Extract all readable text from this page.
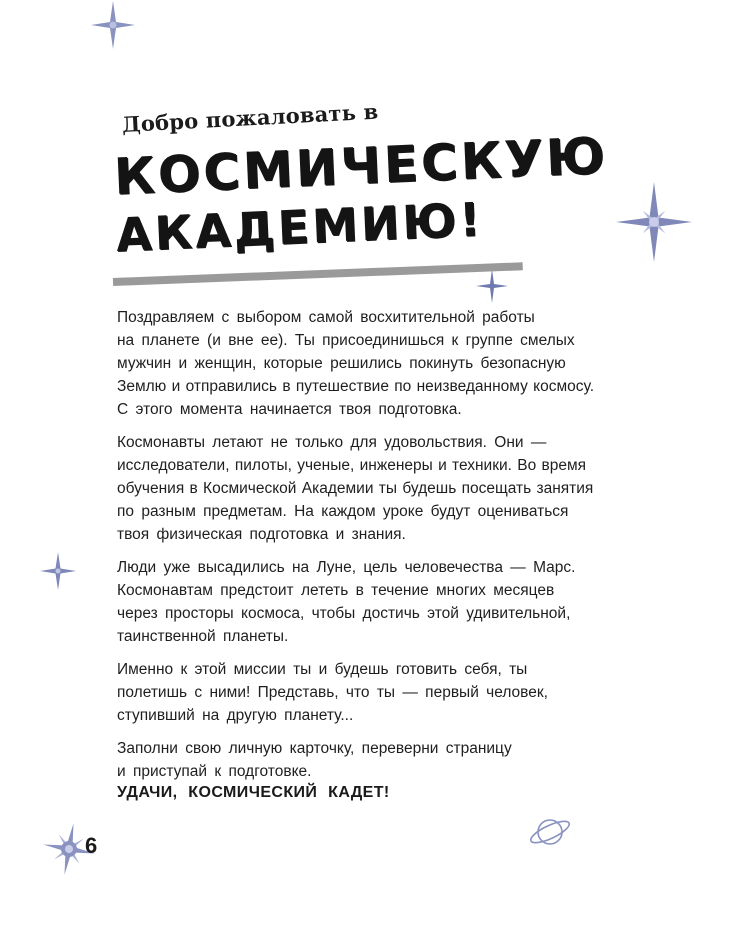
Добро пожаловать в
КОСМИЧЕСКУЮ
АКАДЕМИЮ!

Поздравляем с выбором самой восхитительной работы
на планете (и вне ее). Ты присоединишься к группе смелых
мужчин и женщин, которые решились покинуть безопасную
Землю и отправились в путешествие по неизведанному космосу.
С этого момента начинается твоя подготовка.

Космонавты летают не только для удовольствия. Они —
исследователи, пилоты, ученые, инженеры и техники. Во время
обучения в Космической Академии ты будешь посещать занятия
по разным предметам. На каждом уроке будут оцениваться
твоя физическая подготовка и знания.

Люди уже высадились на Луне, цель человечества — Марс.
Космонавтам предстоит лететь в течение многих месяцев
через просторы космоса, чтобы достичь этой удивительной,
таинственной планеты.

Именно к этой миссии ты и будешь готовить себя, ты
полетишь с ними! Представь, что ты — первый человек,
ступивший на другую планету...

Заполни свою личную карточку, переверни страницу
и приступай к подготовке.

УДАЧИ, КОСМИЧЕСКИЙ КАДЕТ!
6
